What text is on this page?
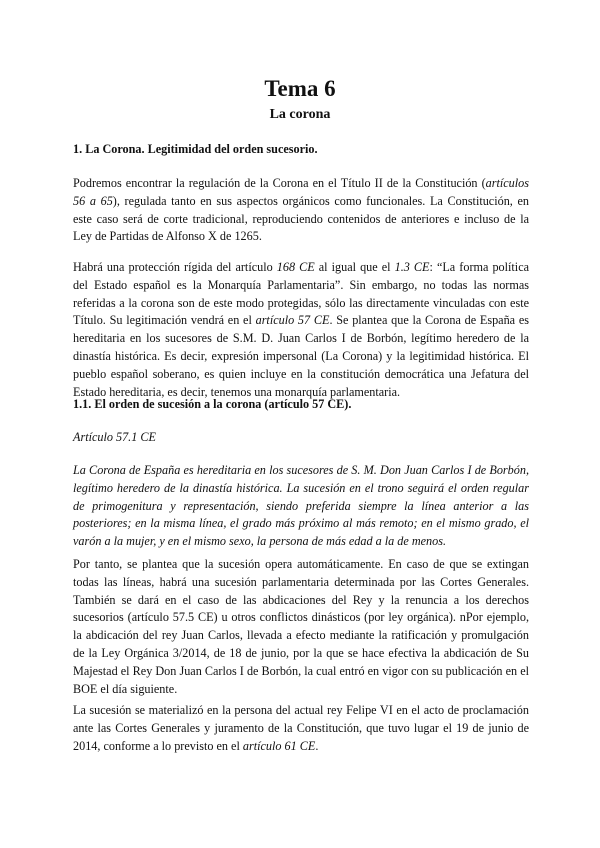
Tema 6
La corona

1. La Corona. Legitimidad del orden sucesorio.

Podremos encontrar la regulación de la Corona en el Título II de la Constitución (artículos 56 a 65), regulada tanto en sus aspectos orgánicos como funcionales. La Constitución, en este caso será de corte tradicional, reproduciendo contenidos de anteriores e incluso de la Ley de Partidas de Alfonso X de 1265.

Habrá una protección rígida del artículo 168 CE al igual que el 1.3 CE: “La forma política del Estado español es la Monarquía Parlamentaria”. Sin embargo, no todas las normas referidas a la corona son de este modo protegidas, sólo las directamente vinculadas con este Título. Su legitimación vendrá en el artículo 57 CE. Se plantea que la Corona de España es hereditaria en los sucesores de S.M. D. Juan Carlos I de Borbón, legítimo heredero de la dinastía histórica. Es decir, expresión impersonal (La Corona) y la legitimidad histórica. El pueblo español soberano, es quien incluye en la constitución democrática una Jefatura del Estado hereditaria, es decir, tenemos una monarquía parlamentaria.

1.1. El orden de sucesión a la corona (artículo 57 CE).

Artículo 57.1 CE

La Corona de España es hereditaria en los sucesores de S. M. Don Juan Carlos I de Borbón, legítimo heredero de la dinastía histórica. La sucesión en el trono seguirá el orden regular de primogenitura y representación, siendo preferida siempre la línea anterior a las posteriores; en la misma línea, el grado más próximo al más remoto; en el mismo grado, el varón a la mujer, y en el mismo sexo, la persona de más edad a la de menos.

Por tanto, se plantea que la sucesión opera automáticamente. En caso de que se extingan todas las líneas, habrá una sucesión parlamentaria determinada por las Cortes Generales. También se dará en el caso de las abdicaciones del Rey y la renuncia a los derechos sucesorios (artículo 57.5 CE) u otros conflictos dinásticos (por ley orgánica). nPor ejemplo, la abdicación del rey Juan Carlos, llevada a efecto mediante la ratificación y promulgación de la Ley Orgánica 3/2014, de 18 de junio, por la que se hace efectiva la abdicación de Su Majestad el Rey Don Juan Carlos I de Borbón, la cual entró en vigor con su publicación en el BOE el día siguiente.

La sucesión se materializó en la persona del actual rey Felipe VI en el acto de proclamación ante las Cortes Generales y juramento de la Constitución, que tuvo lugar el 19 de junio de 2014, conforme a lo previsto en el artículo 61 CE.
